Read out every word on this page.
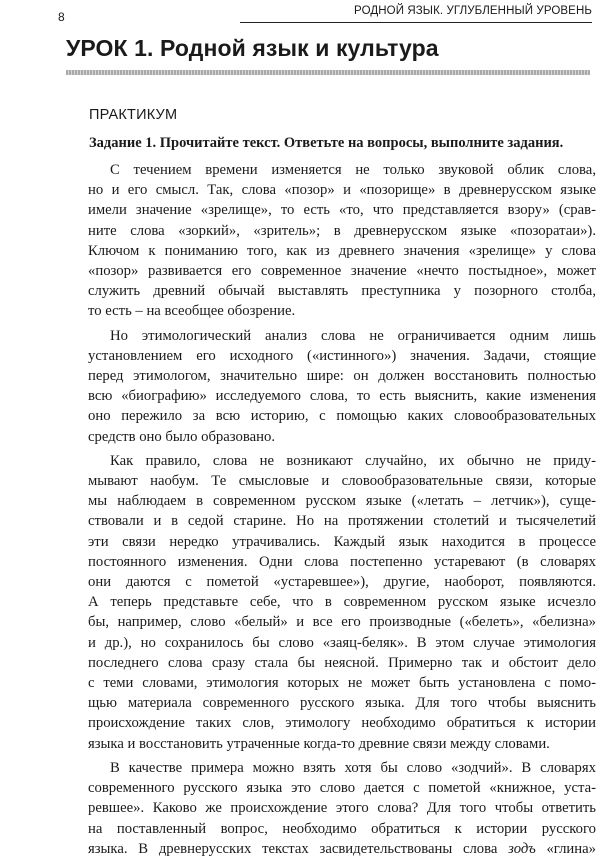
8	РОДНОЙ ЯЗЫК. УГЛУБЛЕННЫЙ УРОВЕНЬ
УРОК 1. Родной язык и культура
ПРАКТИКУМ
Задание 1. Прочитайте текст. Ответьте на вопросы, выполните задания.

С течением времени изменяется не только звуковой облик слова,
но и его смысл. Так, слова «позор» и «позорище» в древнерусском языке
имели значение «зрелище», то есть «то, что представляется взору» (срав-
ните слова «зоркий», «зритель»; в древнерусском языке «позоратаи»).
Ключом к пониманию того, как из древнего значения «зрелище» у слова
«позор» развивается его современное значение «нечто постыдное», может
служить древний обычай выставлять преступника у позорного столба,
то есть – на всеобщее обозрение.

Но этимологический анализ слова не ограничивается одним лишь
установлением его исходного («истинного») значения. Задачи, стоящие
перед этимологом, значительно шире: он должен восстановить полностью
всю «биографию» исследуемого слова, то есть выяснить, какие изменения
оно пережило за всю историю, с помощью каких словообразовательных
средств оно было образовано.

Как правило, слова не возникают случайно, их обычно не приду-
мывают наобум. Те смысловые и словообразовательные связи, которые
мы наблюдаем в современном русском языке («летать – летчик»), суще-
ствовали и в седой старине. Но на протяжении столетий и тысячелетий
эти связи нередко утрачивались. Каждый язык находится в процессе
постоянного изменения. Одни слова постепенно устаревают (в словарях
они даются с пометой «устаревшее»), другие, наоборот, появляются.
А теперь представьте себе, что в современном русском языке исчезло
бы, например, слово «белый» и все его производные («белеть», «белизна»
и др.), но сохранилось бы слово «заяц-беляк». В этом случае этимология
последнего слова сразу стала бы неясной. Примерно так и обстоит дело
с теми словами, этимология которых не может быть установлена с помо-
щью материала современного русского языка. Для того чтобы выяснить
происхождение таких слов, этимологу необходимо обратиться к истории
языка и восстановить утраченные когда-то древние связи между словами.

В качестве примера можно взять хотя бы слово «зодчий». В словарях
современного русского языка это слово дается с пометой «книжное, уста-
ревшее». Каково же происхождение этого слова? Для того чтобы ответить
на поставленный вопрос, необходимо обратиться к истории русского
языка. В древнерусских текстах засвидетельствованы слова зодъ «глина»
